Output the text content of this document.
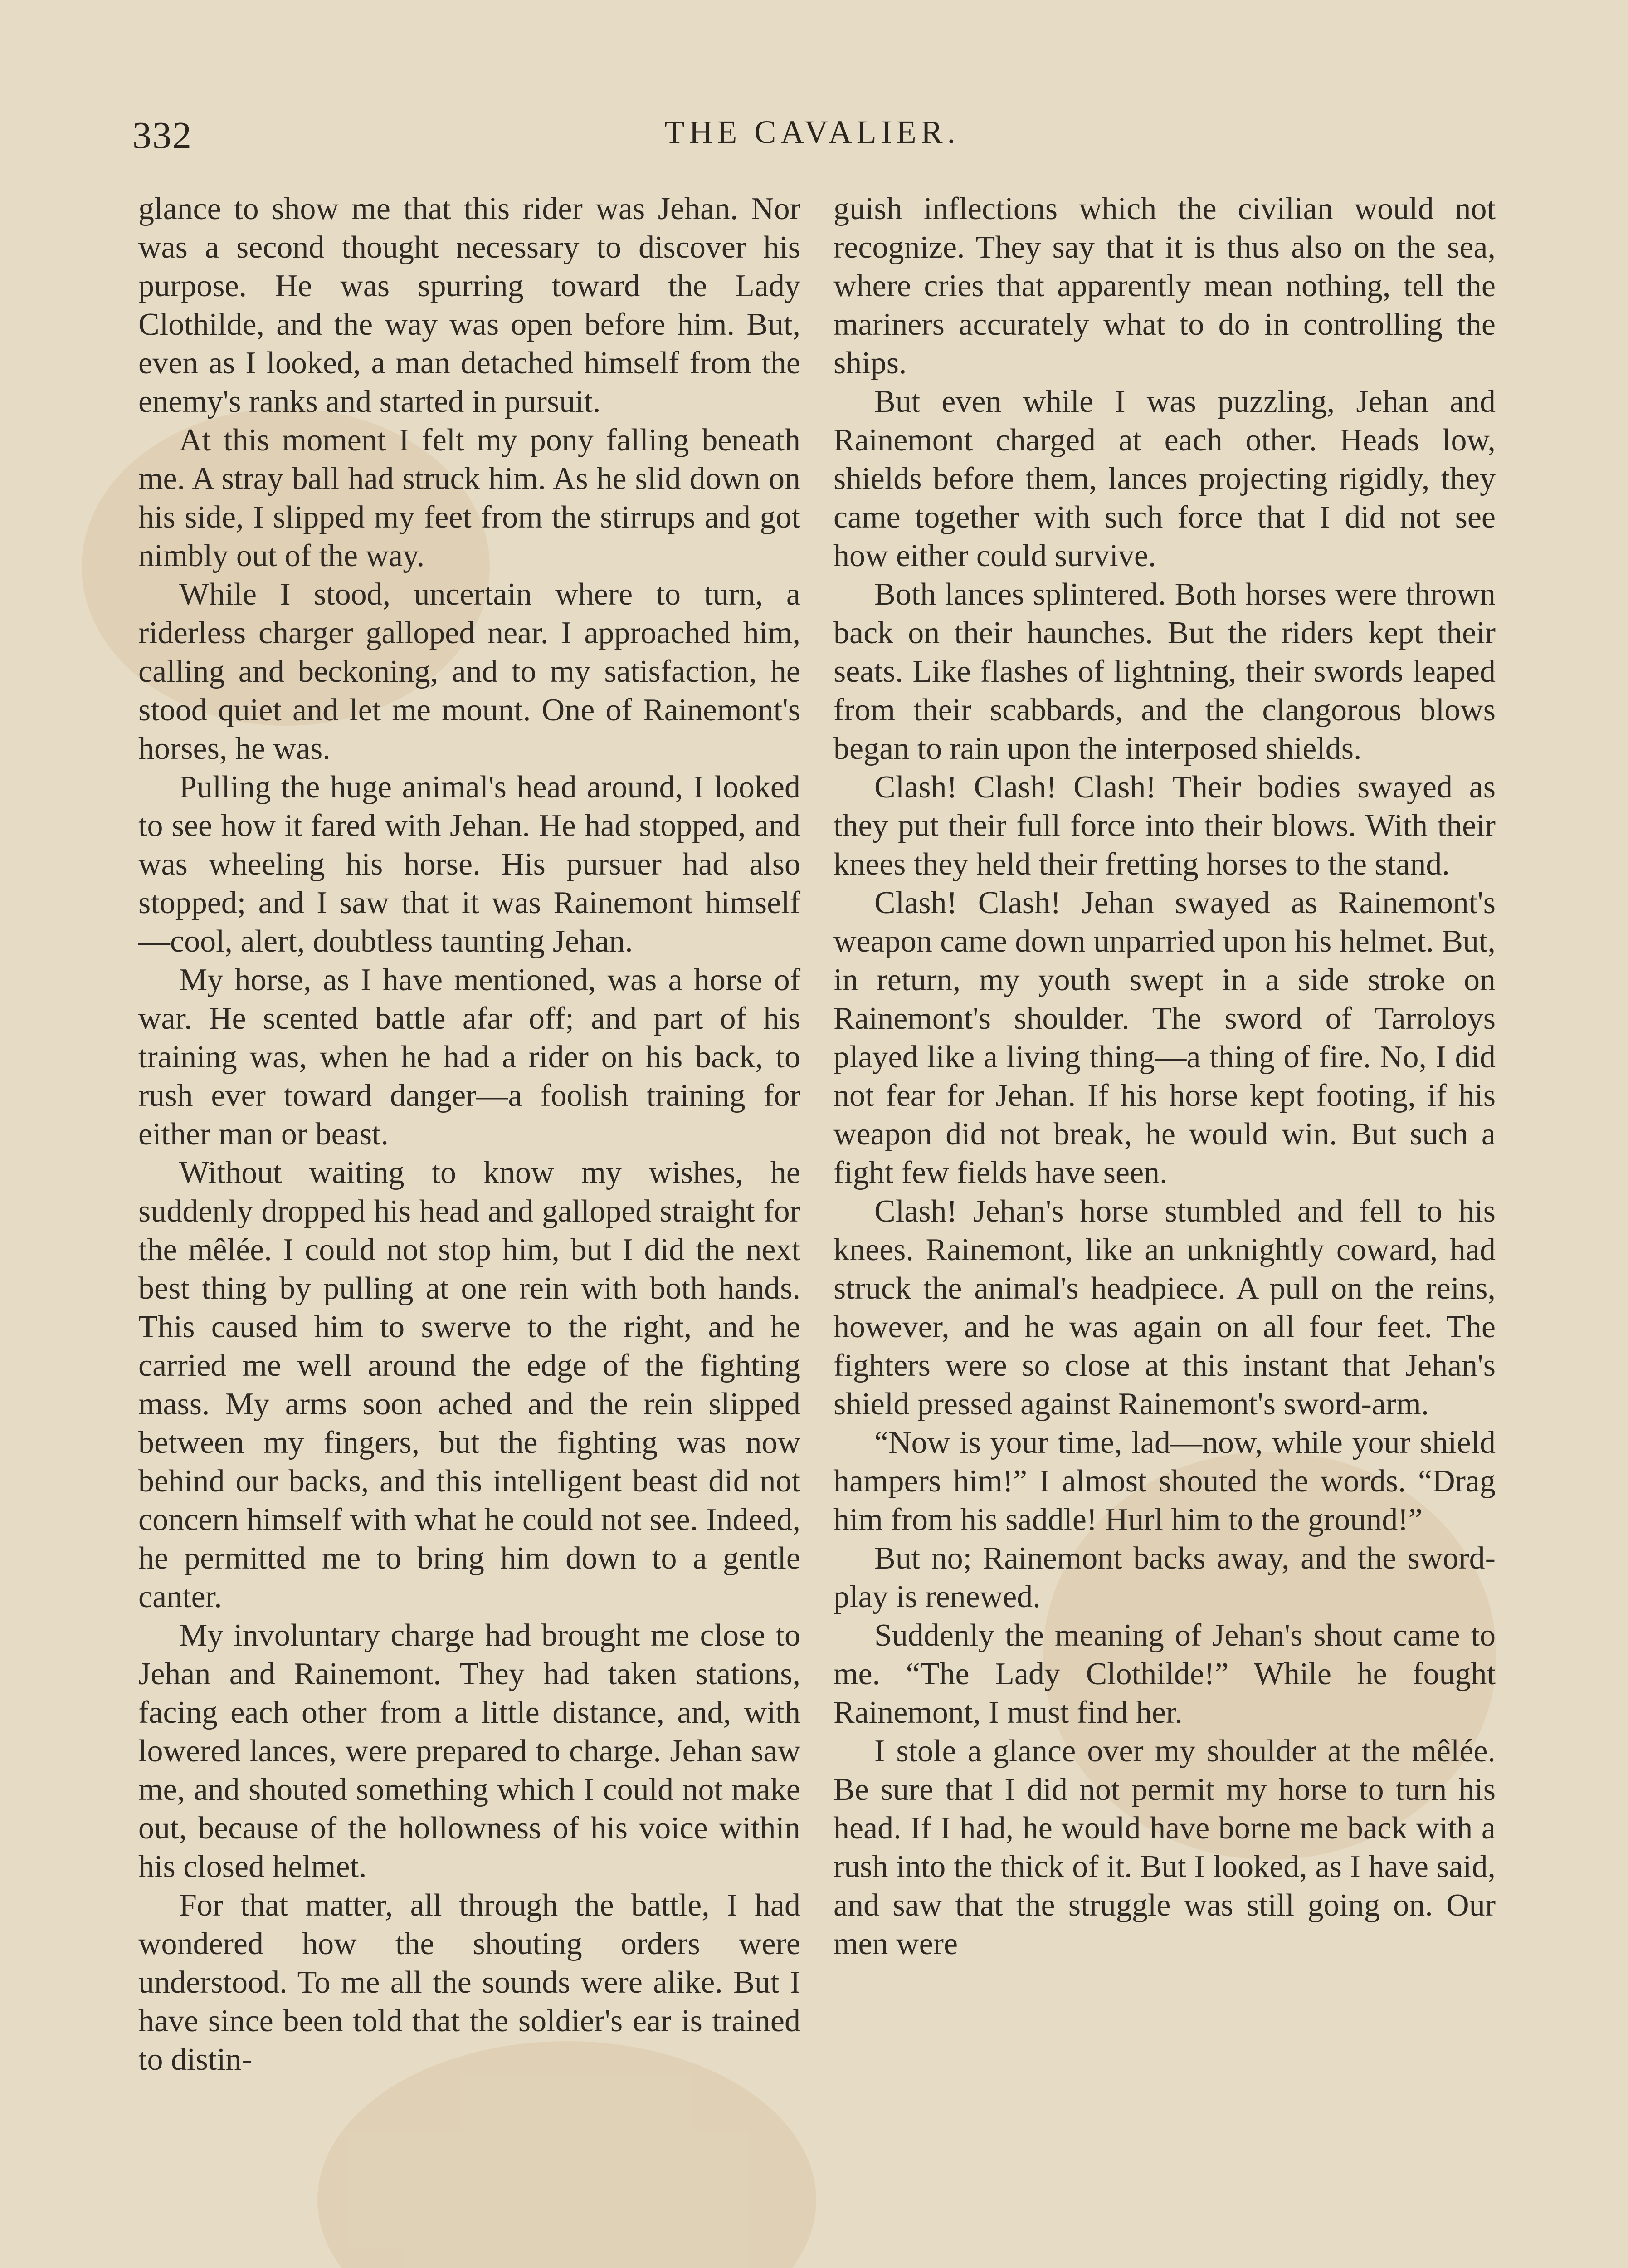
332	THE CAVALIER.

glance to show me that this rider was Jehan. Nor was a second thought necessary to discover his purpose. He was spurring toward the Lady Clothilde, and the way was open before him. But, even as I looked, a man detached himself from the enemy's ranks and started in pursuit.

At this moment I felt my pony falling beneath me. A stray ball had struck him. As he slid down on his side, I slipped my feet from the stirrups and got nimbly out of the way.

While I stood, uncertain where to turn, a riderless charger galloped near. I approached him, calling and beckoning, and to my satisfaction, he stood quiet and let me mount. One of Rainemont's horses, he was.

Pulling the huge animal's head around, I looked to see how it fared with Jehan. He had stopped, and was wheeling his horse. His pursuer had also stopped; and I saw that it was Rainemont himself —cool, alert, doubtless taunting Jehan.

My horse, as I have mentioned, was a horse of war. He scented battle afar off; and part of his training was, when he had a rider on his back, to rush ever toward danger—a foolish training for either man or beast.

Without waiting to know my wishes, he suddenly dropped his head and galloped straight for the mêlée. I could not stop him, but I did the next best thing by pulling at one rein with both hands. This caused him to swerve to the right, and he carried me well around the edge of the fighting mass. My arms soon ached and the rein slipped between my fingers, but the fighting was now behind our backs, and this intelligent beast did not concern himself with what he could not see. Indeed, he permitted me to bring him down to a gentle canter.

My involuntary charge had brought me close to Jehan and Rainemont. They had taken stations, facing each other from a little distance, and, with lowered lances, were prepared to charge. Jehan saw me, and shouted something which I could not make out, because of the hollowness of his voice within his closed helmet.

For that matter, all through the battle, I had wondered how the shouting orders were understood. To me all the sounds were alike. But I have since been told that the soldier's ear is trained to distin-

guish inflections which the civilian would not recognize. They say that it is thus also on the sea, where cries that apparently mean nothing, tell the mariners accurately what to do in controlling the ships.

But even while I was puzzling, Jehan and Rainemont charged at each other. Heads low, shields before them, lances projecting rigidly, they came together with such force that I did not see how either could survive.

Both lances splintered. Both horses were thrown back on their haunches. But the riders kept their seats. Like flashes of lightning, their swords leaped from their scabbards, and the clangorous blows began to rain upon the interposed shields.

Clash! Clash! Clash! Their bodies swayed as they put their full force into their blows. With their knees they held their fretting horses to the stand.

Clash! Clash! Jehan swayed as Rainemont's weapon came down unparried upon his helmet. But, in return, my youth swept in a side stroke on Rainemont's shoulder. The sword of Tarroloys played like a living thing—a thing of fire. No, I did not fear for Jehan. If his horse kept footing, if his weapon did not break, he would win. But such a fight few fields have seen.

Clash! Jehan's horse stumbled and fell to his knees. Rainemont, like an unknightly coward, had struck the animal's headpiece. A pull on the reins, however, and he was again on all four feet. The fighters were so close at this instant that Jehan's shield pressed against Rainemont's sword-arm.

“Now is your time, lad—now, while your shield hampers him!” I almost shouted the words. “Drag him from his saddle! Hurl him to the ground!”

But no; Rainemont backs away, and the sword-play is renewed.

Suddenly the meaning of Jehan's shout came to me. “The Lady Clothilde!” While he fought Rainemont, I must find her.

I stole a glance over my shoulder at the mêlée. Be sure that I did not permit my horse to turn his head. If I had, he would have borne me back with a rush into the thick of it. But I looked, as I have said, and saw that the struggle was still going on. Our men were
